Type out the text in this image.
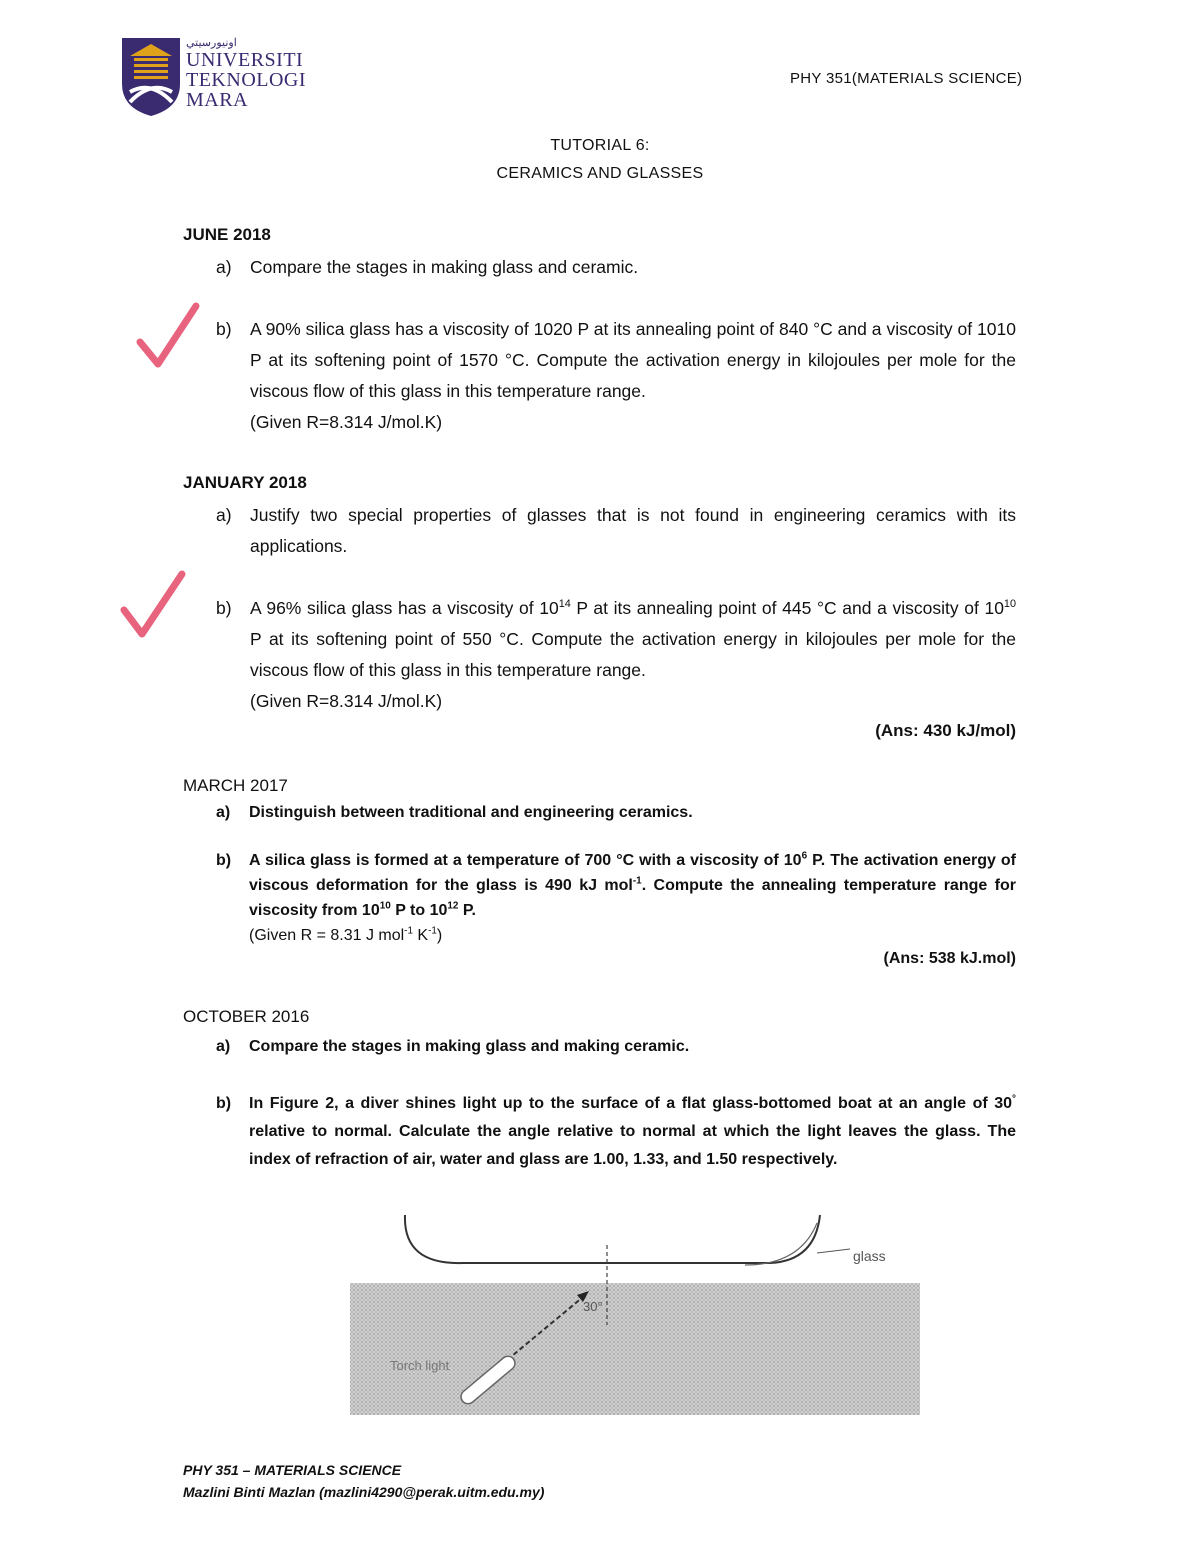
ﺍﻭﻧﻴﻮﺭﺳﻴﺘﻲ
UNIVERSITI
TEKNOLOGI
MARA
PHY 351(MATERIALS SCIENCE)
TUTORIAL 6:
CERAMICS AND GLASSES
JUNE 2018
a) Compare the stages in making glass and ceramic.
b) A 90% silica glass has a viscosity of 1020 P at its annealing point of 840 °C and a viscosity of 1010 P at its softening point of 1570 °C. Compute the activation energy in kilojoules per mole for the viscous flow of this glass in this temperature range.
(Given R=8.314 J/mol.K)
JANUARY 2018
a) Justify two special properties of glasses that is not found in engineering ceramics with its applications.
b) A 96% silica glass has a viscosity of $10^{14}$ P at its annealing point of 445 °C and a viscosity of $10^{10}$ P at its softening point of 550 °C. Compute the activation energy in kilojoules per mole for the viscous flow of this glass in this temperature range.
(Given R=8.314 J/mol.K)
(Ans: 430 kJ/mol)
MARCH 2017
a) Distinguish between traditional and engineering ceramics.
b) A silica glass is formed at a temperature of 700 °C with a viscosity of $10^6$ P. The activation energy of viscous deformation for the glass is 490 kJ mol$^{-1}$. Compute the annealing temperature range for viscosity from $10^{10}$ P to $10^{12}$ P.
(Given R = 8.31 J mol$^{-1}$ $K^{-1}$)
(Ans: 538 kJ.mol)
OCTOBER 2016
a) Compare the stages in making glass and making ceramic.
b) In Figure 2, a diver shines light up to the surface of a flat glass-bottomed boat at an angle of 30° relative to normal. Calculate the angle relative to normal at which the light leaves the glass. The index of refraction of air, water and glass are 1.00, 1.33, and 1.50 respectively.
glass
30°
Torch light
PHY 351 – MATERIALS SCIENCE
Mazlini Binti Mazlan (mazlini4290@perak.uitm.edu.my)
